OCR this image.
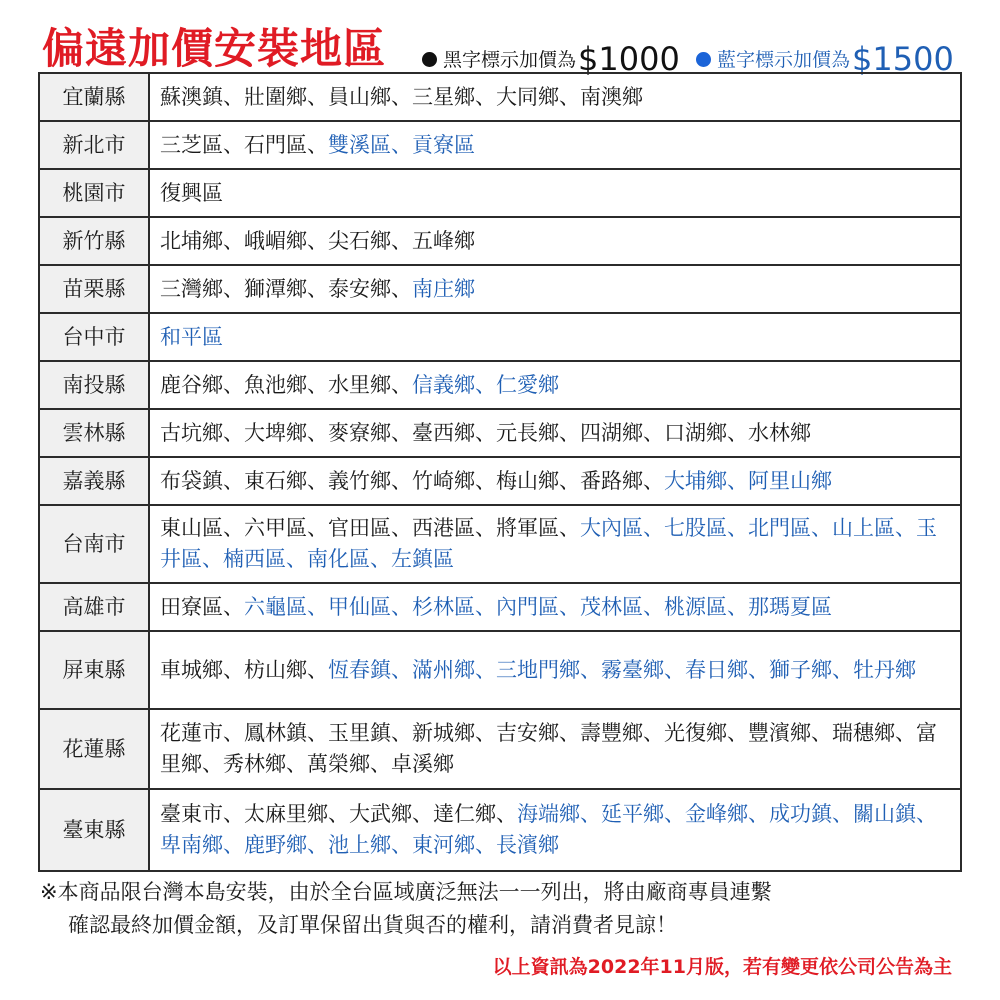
偏遠加價安裝地區	黑字標示加價為$1000	藍字標示加價為$1500
宜蘭縣	蘇澳鎮、壯圍鄉、員山鄉、三星鄉、大同鄉、南澳鄉
新北市	三芝區、石門區、雙溪區、貢寮區
桃園市	復興區
新竹縣	北埔鄉、峨嵋鄉、尖石鄉、五峰鄉
苗栗縣	三灣鄉、獅潭鄉、泰安鄉、南庄鄉
台中市	和平區
南投縣	鹿谷鄉、魚池鄉、水里鄉、信義鄉、仁愛鄉
雲林縣	古坑鄉、大埤鄉、麥寮鄉、臺西鄉、元長鄉、四湖鄉、口湖鄉、水林鄉
嘉義縣	布袋鎮、東石鄉、義竹鄉、竹崎鄉、梅山鄉、番路鄉、大埔鄉、阿里山鄉
台南市	東山區、六甲區、官田區、西港區、將軍區、大內區、七股區、北門區、山上區、玉井區、楠西區、南化區、左鎮區
高雄市	田寮區、六龜區、甲仙區、杉林區、內門區、茂林區、桃源區、那瑪夏區
屏東縣	車城鄉、枋山鄉、恆春鎮、滿州鄉、三地門鄉、霧臺鄉、春日鄉、獅子鄉、牡丹鄉
花蓮縣	花蓮市、鳳林鎮、玉里鎮、新城鄉、吉安鄉、壽豐鄉、光復鄉、豐濱鄉、瑞穗鄉、富里鄉、秀林鄉、萬榮鄉、卓溪鄉
臺東縣	臺東市、太麻里鄉、大武鄉、達仁鄉、海端鄉、延平鄉、金峰鄉、成功鎮、關山鎮、卑南鄉、鹿野鄉、池上鄉、東河鄉、長濱鄉
※本商品限台灣本島安裝，由於全台區域廣泛無法一一列出，將由廠商專員連繫
確認最終加價金額，及訂單保留出貨與否的權利，請消費者見諒！
以上資訊為2022年11月版，若有變更依公司公告為主
